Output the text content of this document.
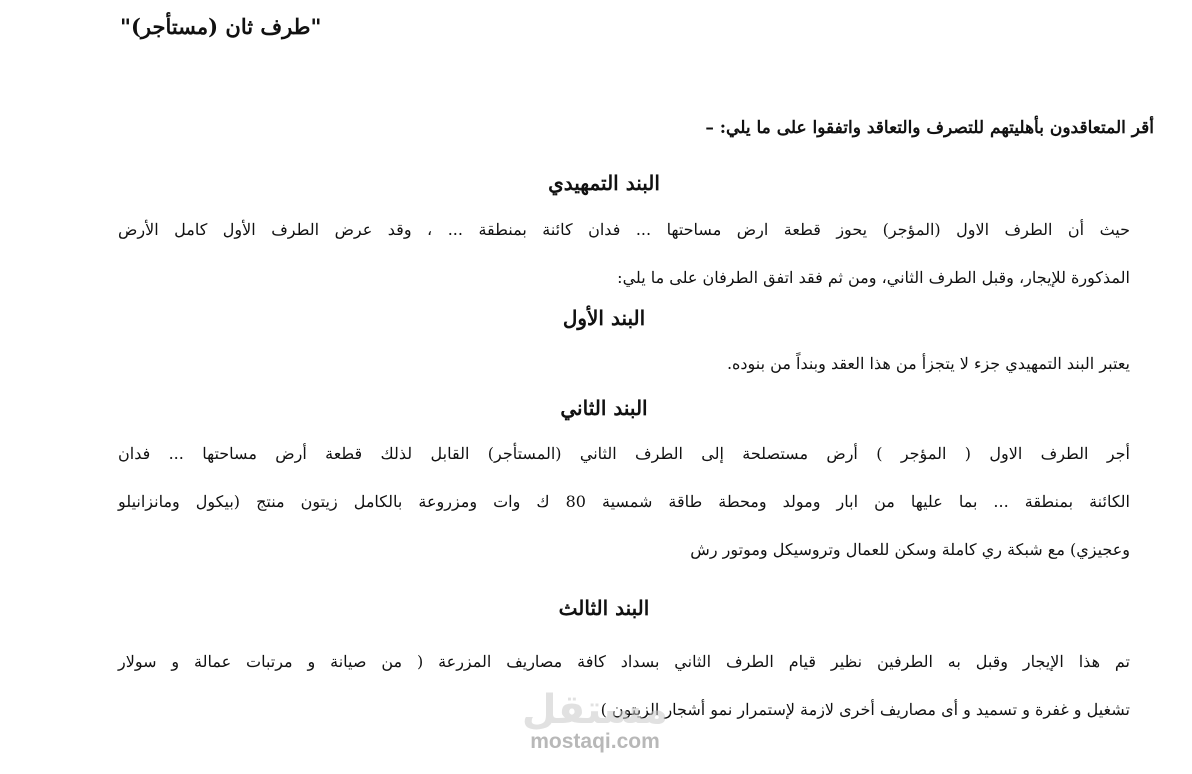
"طرف ثان (مستأجر)"
أقر المتعاقدون بأهليتهم للتصرف والتعاقد واتفقوا على ما يلي: –
البند التمهيدي
حيث أن الطرف الاول (المؤجر) يحوز قطعة ارض مساحتها ... فدان كائنة بمنطقة ... ، وقد عرض الطرف الأول كامل الأرض
المذكورة للإيجار، وقبل الطرف الثاني، ومن ثم فقد اتفق الطرفان على ما يلي:
البند الأول
يعتبر البند التمهيدي جزء لا يتجزأ من هذا العقد وبنداً من بنوده.
البند الثاني
أجر الطرف الاول ( المؤجر ) أرض مستصلحة إلى الطرف الثاني (المستأجر) القابل لذلك قطعة أرض مساحتها ... فدان
الكائنة بمنطقة ... بما عليها من ابار ومولد ومحطة طاقة شمسية 80 ك وات ومزروعة بالكامل زيتون منتج (بيكول ومانزانيلو
وعجيزي) مع شبكة ري كاملة وسكن للعمال وتروسيكل وموتور رش
البند الثالث
تم هذا الإيجار وقبل به الطرفين نظير قيام الطرف الثاني بسداد كافة مصاريف المزرعة ( من صيانة و مرتبات عمالة و سولار
تشغيل و غفرة و تسميد و أى مصاريف أخرى لازمة لإستمرار نمو أشجار الزيتون )
مستقل
mostaqi.com
